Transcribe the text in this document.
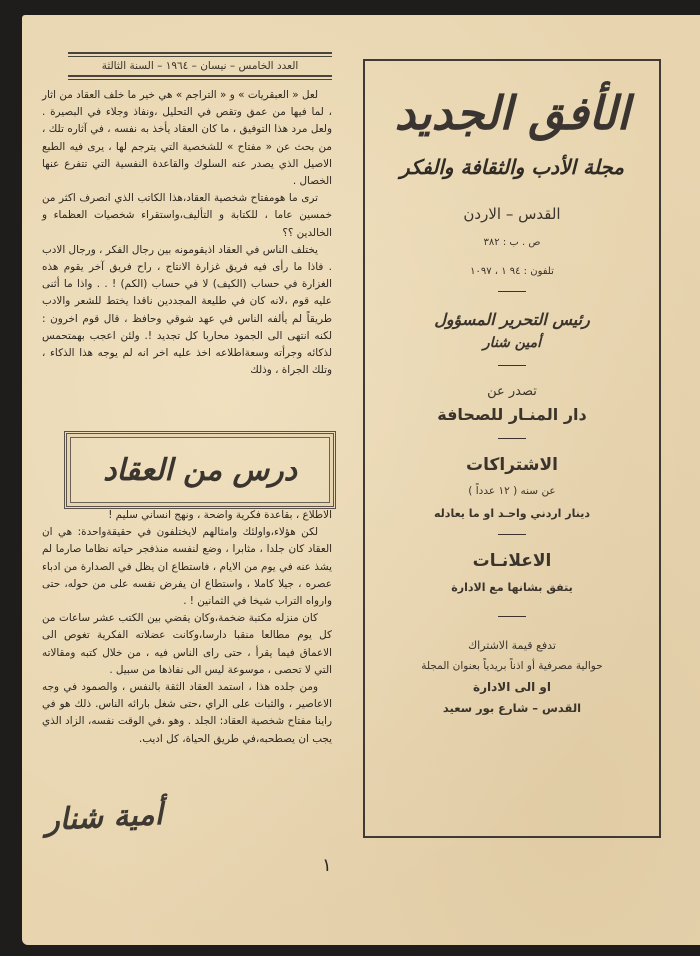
العدد الخامس – نيسان – ١٩٦٤ – السنة الثالثة

لعل « العبقريات » و « التراجم » هي خير ما خلف العقاد من اثار ، لما فيها من عمق وتقص في التحليل ،ونفاذ وجلاء في البصيرة . ولعل مرد هذا التوفيق ، ما كان العقاد يأخذ به نفسه ، في آثاره تلك ، من بحث عن « مفتاح » للشخصية التي يترجم لها ، يرى فيه الطبع الاصيل الذي يصدر عنه السلوك والقاعدة النفسية التي تتفرع عنها الخصال .

ترى ما هومفتاح شخصية العقاد،هذا الكاتب الذي انصرف اكثر من خمسين عاما ، للكتابة و التأليف،واستقراء شخصيات العظماء و الخالدين ؟؟

يختلف الناس في العقاد اذيقومونه بين رجال الفكر ، ورجال الادب . فاذا ما رأى فيه فريق غزارة الانتاج ، راح فريق آخر يقوم هذه الغزارة في حساب (الكيف) لا في حساب (الكم) ! . . واذا ما أثنى عليه قوم ،لانه كان في طليعة المجددين ناقدا يختط للشعر والادب طريقاً لم يألفه الناس في عهد شوقي وحافظ ، قال قوم اخرون : لكنه انتهى الى الجمود محاربا كل تجديد !. ولئن اعجب بهمتحمس لذكائه وجرأته وسعةاطلاعه اخذ عليه اخر انه لم يوجه هذا الذكاء ، وتلك الجراة ، وذلك

درس من العقاد

الاطلاع ، بقاعدة فكرية واضحة ، ونهج انساني سليم !

لكن هؤلاء،واولئك وامثالهم لايختلفون في حقيقةواحدة: هي ان العقاد كان جلدا ، مثابرا ، وضع لنفسه منذفجر حياته نظاما صارما لم يشذ عنه في يوم من الايام ، فاستطاع ان يظل في الصدارة من ادباء عصره ، جيلا كاملا ، واستطاع ان يفرض نفسه على من حوله، حتى وارواه التراب شيخا في الثمانين ! .

كان منزله مكتبة ضخمة،وكان يقضي بين الكتب عشر ساعات من كل يوم مطالعا منقبا دارسا،وكانت عضلاته الفكرية تغوص الى الاعماق فيما يقرأ ، حتى راى الناس فيه ، من خلال كتبه ومقالاته التي لا تحصى ، موسوعة ليس الى نفاذها من سبيل .

ومن جلده هذا ، استمد العقاد الثقة بالنفس ، والصمود في وجه الاعاصير ، والثبات على الراي ،حتى شغل بارائه الناس. ذلك هو في راينا مفتاح شخصية العقاد: الجلد . وهو ،في الوقت نفسه، الزاد الذي يجب ان يصطحبه،في طريق الحياة، كل اديب.

أمية شنار
١
الأفق الجديد
مجلة الأدب والثقافة والفكر
القدس – الاردن
ص . ب : ٣٨٢
تلفون : ٩٤ ١ ، ١٠٩٧
رئيس التحرير المسؤول
أمين شنار
تصدر عن
دار المنـار للصحافة
الاشتراكات
عن سنه ( ١٢ عدداً )
دينار اردني واحـد او ما يعادله
الاعلانـات
يتفق بشانها مع الادارة
تدفع قيمة الاشتراك
حوالية مصرفية أو اذناً بريدياً بعنوان المجلة
او الى الادارة
القدس – شارع بور سعيد
